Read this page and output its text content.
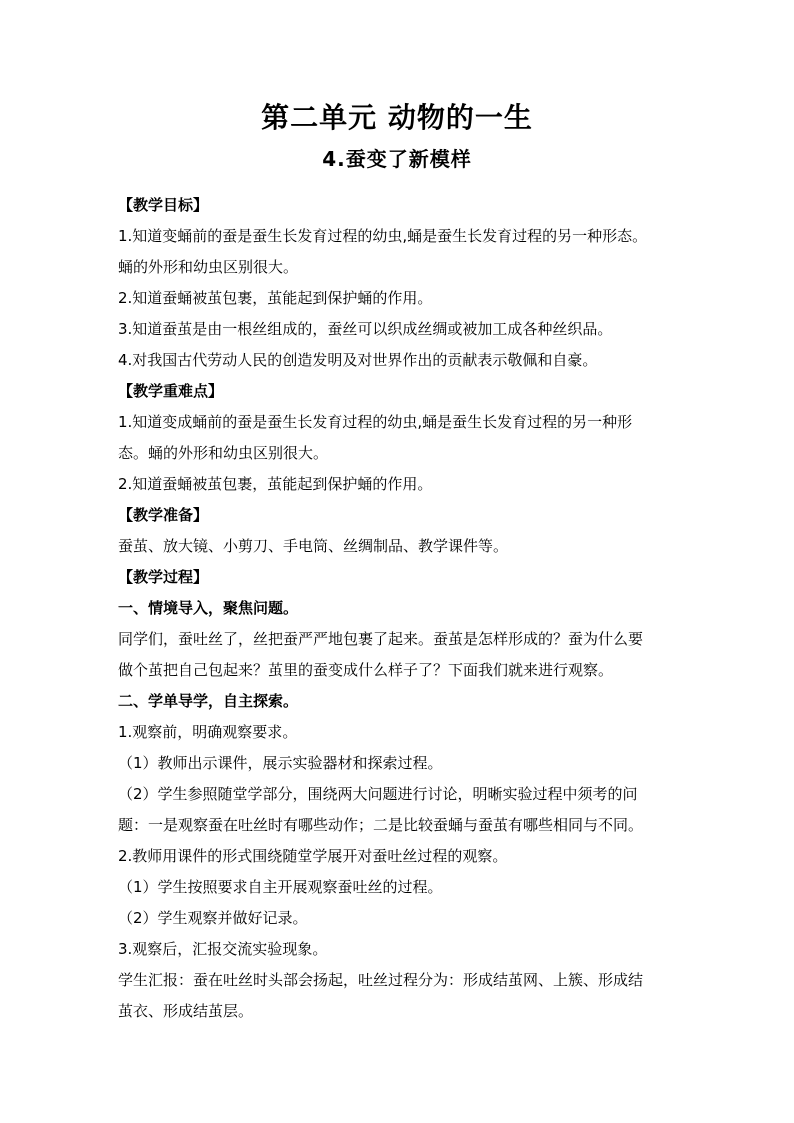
第二单元 动物的一生
4.蚕变了新模样

【教学目标】

1.知道变蛹前的蚕是蚕生长发育过程的幼虫,蛹是蚕生长发育过程的另一种形态。

蛹的外形和幼虫区别很大。

2.知道蚕蛹被茧包裹，茧能起到保护蛹的作用。

3.知道蚕茧是由一根丝组成的，蚕丝可以织成丝绸或被加工成各种丝织品。

4.对我国古代劳动人民的创造发明及对世界作出的贡献表示敬佩和自豪。

【教学重难点】

1.知道变成蛹前的蚕是蚕生长发育过程的幼虫,蛹是蚕生长发育过程的另一种形

态。蛹的外形和幼虫区别很大。

2.知道蚕蛹被茧包裹，茧能起到保护蛹的作用。

【教学准备】

蚕茧、放大镜、小剪刀、手电筒、丝绸制品、教学课件等。

【教学过程】

一、情境导入，聚焦问题。

同学们，蚕吐丝了，丝把蚕严严地包裹了起来。蚕茧是怎样形成的？蚕为什么要

做个茧把自己包起来？茧里的蚕变成什么样子了？下面我们就来进行观察。

二、学单导学，自主探索。

1.观察前，明确观察要求。

（1）教师出示课件，展示实验器材和探索过程。

（2）学生参照随堂学部分，围绕两大问题进行讨论，明晰实验过程中须考的问

题：一是观察蚕在吐丝时有哪些动作；二是比较蚕蛹与蚕茧有哪些相同与不同。

2.教师用课件的形式围绕随堂学展开对蚕吐丝过程的观察。

（1）学生按照要求自主开展观察蚕吐丝的过程。

（2）学生观察并做好记录。

3.观察后，汇报交流实验现象。

学生汇报：蚕在吐丝时头部会扬起，吐丝过程分为：形成结茧网、上簇、形成结

茧衣、形成结茧层。
